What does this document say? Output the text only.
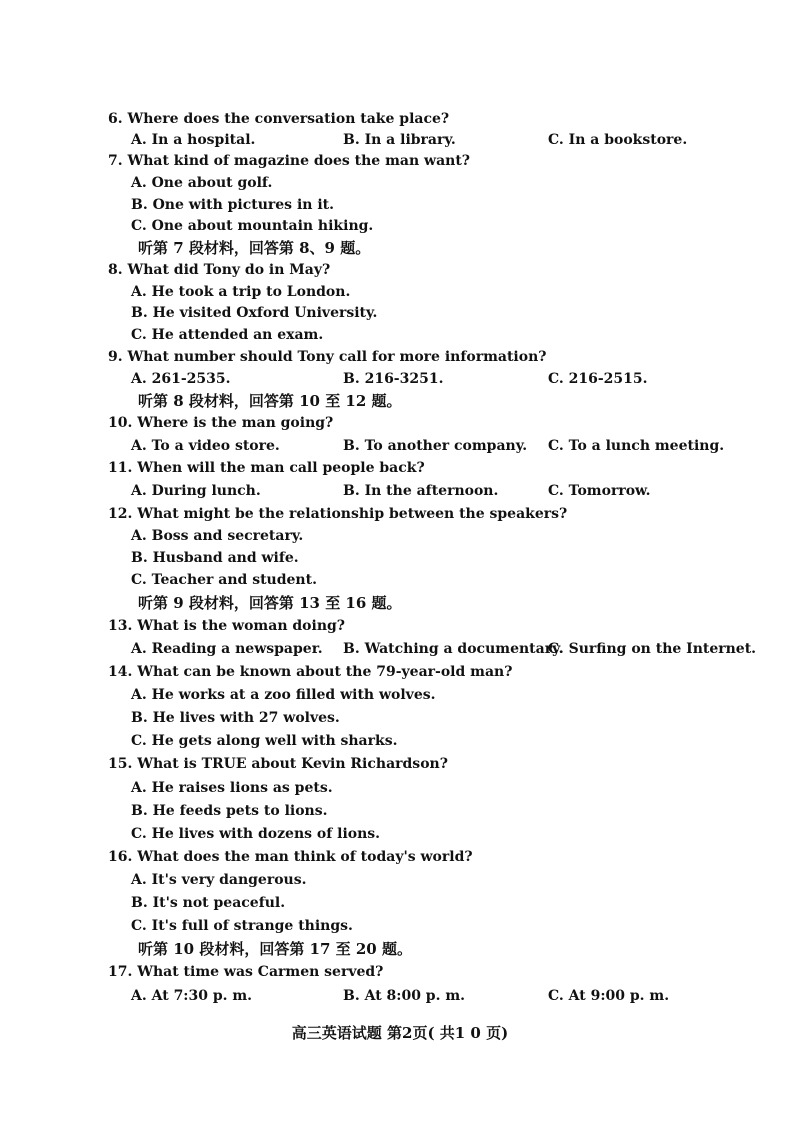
6. Where does the conversation take place?
A. In a hospital.	B. In a library.	C. In a bookstore.
7. What kind of magazine does the man want?
A. One about golf.
B. One with pictures in it.
C. One about mountain hiking.
听第 7 段材料，回答第 8、9 题。
8. What did Tony do in May?
A. He took a trip to London.
B. He visited Oxford University.
C. He attended an exam.
9. What number should Tony call for more information?
A. 261-2535.	B. 216-3251.	C. 216-2515.
听第 8 段材料，回答第 10 至 12 题。
10. Where is the man going?
A. To a video store.	B. To another company. C. To a lunch meeting.
11. When will the man call people back?
A. During lunch.	B. In the afternoon.	C. Tomorrow.
12. What might be the relationship between the speakers?
A. Boss and secretary.
B. Husband and wife.
C. Teacher and student.
听第 9 段材料，回答第 13 至 16 题。
13. What is the woman doing?
A. Reading a newspaper. B. Watching a documentary.
C. Surfing on the Internet.
14. What can be known about the 79-year-old man?
A. He works at a zoo filled with wolves.
B. He lives with 27 wolves.
C. He gets along well with sharks.
15. What is TRUE about Kevin Richardson?
A. He raises lions as pets.
B. He feeds pets to lions.
C. He lives with dozens of lions.
16. What does the man think of today's world?
A. It's very dangerous.
B. It's not peaceful.
C. It's full of strange things.
听第 10 段材料，回答第 17 至 20 题。
17. What time was Carmen served?
A. At 7:30 p. m.	B. At 8:00 p. m.	C. At 9:00 p. m.
高三英语试题 第2页( 共1 0 页)
